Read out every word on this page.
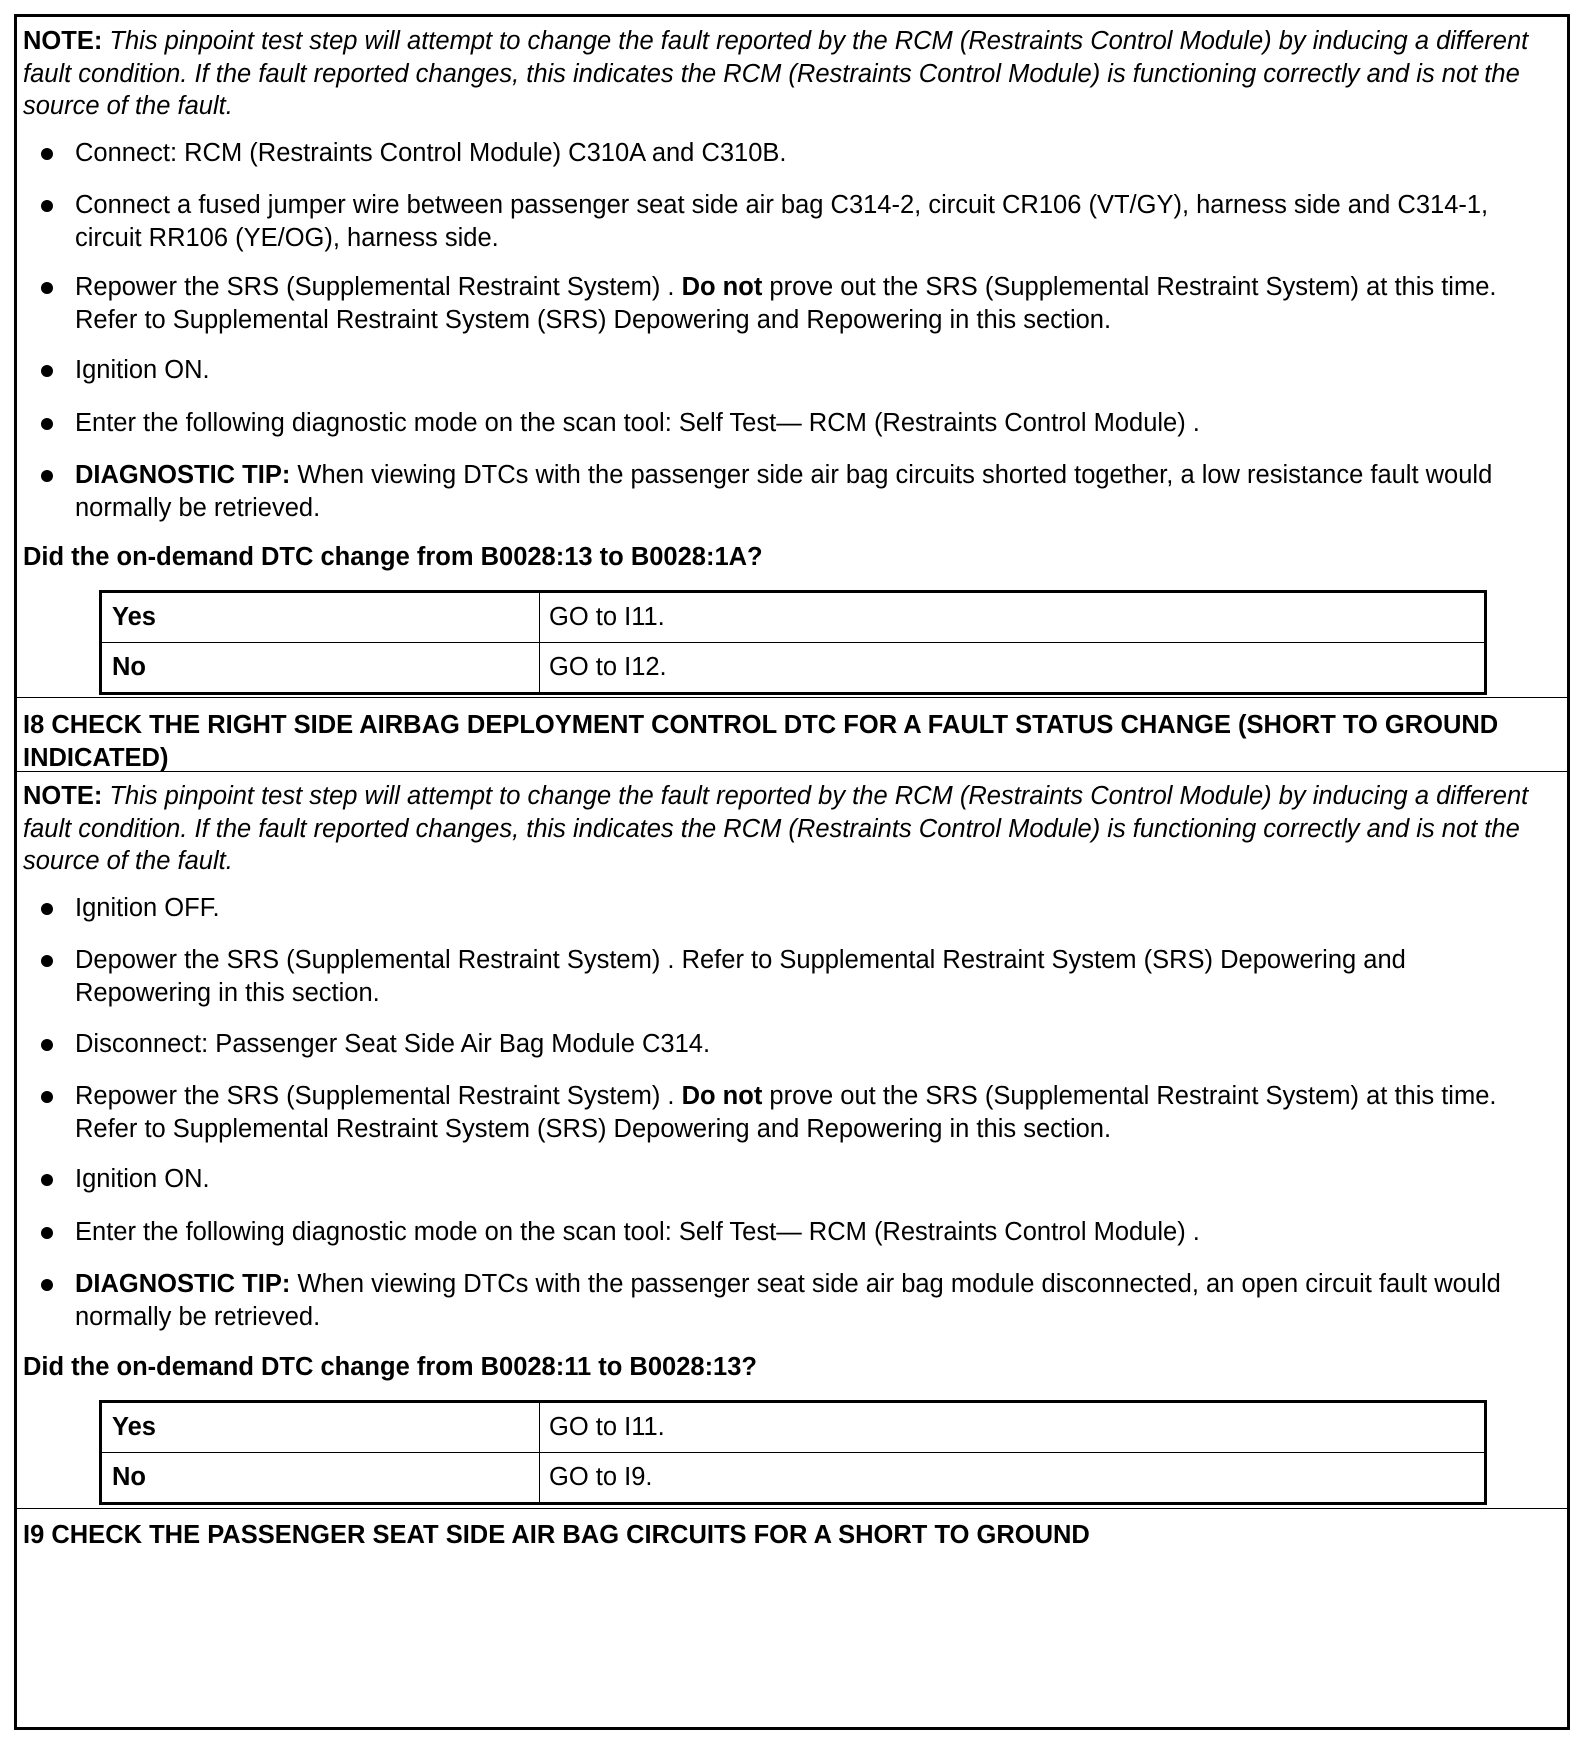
NOTE: This pinpoint test step will attempt to change the fault reported by the RCM (Restraints Control Module) by inducing a different fault condition. If the fault reported changes, this indicates the RCM (Restraints Control Module) is functioning correctly and is not the source of the fault.
Connect: RCM (Restraints Control Module) C310A and C310B.
Connect a fused jumper wire between passenger seat side air bag C314-2, circuit CR106 (VT/GY), harness side and C314-1, circuit RR106 (YE/OG), harness side.
Repower the SRS (Supplemental Restraint System) . Do not prove out the SRS (Supplemental Restraint System) at this time. Refer to Supplemental Restraint System (SRS) Depowering and Repowering in this section.
Ignition ON.
Enter the following diagnostic mode on the scan tool: Self Test— RCM (Restraints Control Module) .
DIAGNOSTIC TIP: When viewing DTCs with the passenger side air bag circuits shorted together, a low resistance fault would normally be retrieved.
Did the on-demand DTC change from B0028:13 to B0028:1A?
Yes	GO to I11.
No	GO to I12.
I8 CHECK THE RIGHT SIDE AIRBAG DEPLOYMENT CONTROL DTC FOR A FAULT STATUS CHANGE (SHORT TO GROUND INDICATED)
NOTE: This pinpoint test step will attempt to change the fault reported by the RCM (Restraints Control Module) by inducing a different fault condition. If the fault reported changes, this indicates the RCM (Restraints Control Module) is functioning correctly and is not the source of the fault.
Ignition OFF.
Depower the SRS (Supplemental Restraint System) . Refer to Supplemental Restraint System (SRS) Depowering and Repowering in this section.
Disconnect: Passenger Seat Side Air Bag Module C314.
Repower the SRS (Supplemental Restraint System) . Do not prove out the SRS (Supplemental Restraint System) at this time. Refer to Supplemental Restraint System (SRS) Depowering and Repowering in this section.
Ignition ON.
Enter the following diagnostic mode on the scan tool: Self Test— RCM (Restraints Control Module) .
DIAGNOSTIC TIP: When viewing DTCs with the passenger seat side air bag module disconnected, an open circuit fault would normally be retrieved.
Did the on-demand DTC change from B0028:11 to B0028:13?
Yes	GO to I11.
No	GO to I9.
I9 CHECK THE PASSENGER SEAT SIDE AIR BAG CIRCUITS FOR A SHORT TO GROUND
